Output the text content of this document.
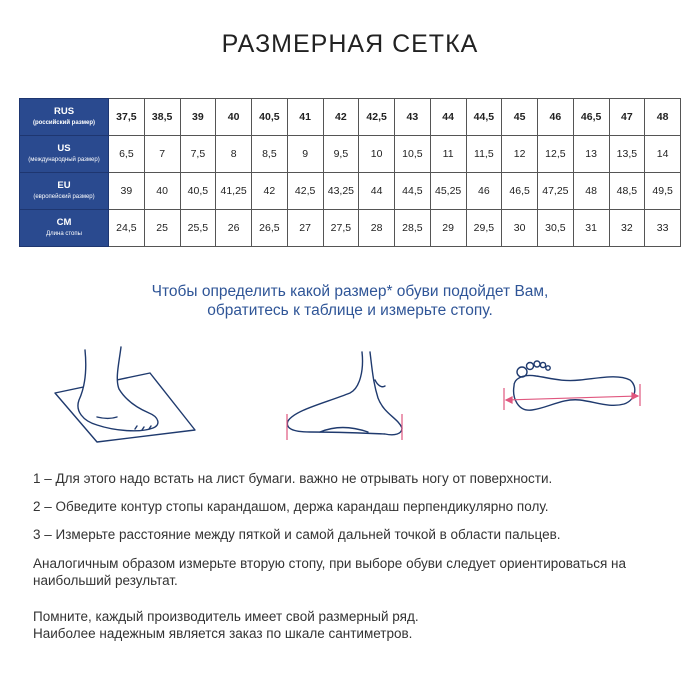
РАЗМЕРНАЯ СЕТКА
RUS
(российский размер)	37,5	38,5	39	40	40,5	41	42	42,5	43	44	44,5	45	46	46,5	47	48

US
(международный размер)	6,5	7	7,5	8	8,5	9	9,5	10	10,5	11	11,5	12	12,5	13	13,5	14

EU
(европейский размер)	39	40	40,5	41,25	42	42,5	43,25	44	44,5	45,25	46	46,5	47,25	48	48,5	49,5

CM
Длина стопы	24,5	25	25,5	26	26,5	27	27,5	28	28,5	29	29,5	30	30,5	31	32	33
Чтобы определить какой размер* обуви подойдет Вам,
обратитесь к таблице и измерьте стопу.

1 – Для этого надо встать на лист бумаги. важно не отрывать ногу от поверхности.

2 – Обведите контур стопы карандашом, держа карандаш перпендикулярно полу.

3 – Измерьте расстояние между пяткой и самой дальней точкой в области пальцев.

Аналогичным образом измерьте вторую стопу, при выборе обуви следует ориентироваться на наибольший результат.

Помните, каждый производитель имеет свой размерный ряд.

Наиболее надежным является заказ по шкале сантиметров.
